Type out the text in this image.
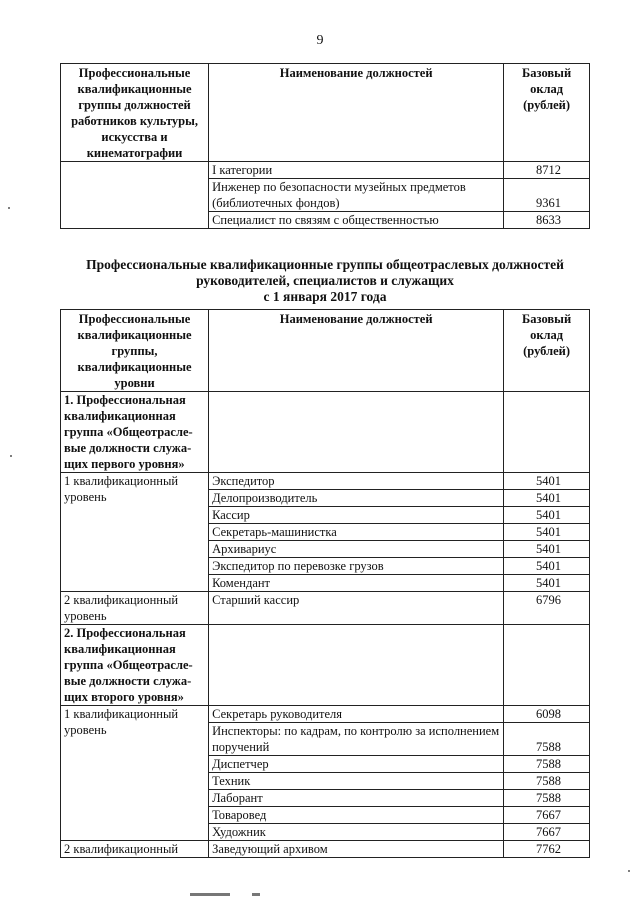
9
Профессиональные квалификационные группы должностей работников культуры, искусства и кинематографии	Наименование должностей	Базовый оклад (рублей)
	I категории	8712
	Инженер по безопасности музейных предметов (библиотечных фондов)	9361
	Специалист по связям с общественностью	8633
Профессиональные квалификационные группы общеотраслевых должностей
руководителей, специалистов и служащих
с 1 января 2017 года
Профессиональные квалификационные группы, квалификационные уровни	Наименование должностей	Базовый оклад (рублей)
1. Профессиональная квалификационная группа «Общеотрасле-вые должности служа-щих первого уровня»		
1 квалификационный уровень	Экспедитор	5401
	Делопроизводитель	5401
	Кассир	5401
	Секретарь-машинистка	5401
	Архивариус	5401
	Экспедитор по перевозке грузов	5401
	Комендант	5401
2 квалификационный уровень	Старший кассир	6796
2. Профессиональная квалификационная группа «Общеотрасле-вые должности служа-щих второго уровня»		
1 квалификационный уровень	Секретарь руководителя	6098
	Инспекторы: по кадрам, по контролю за исполнением поручений	7588
	Диспетчер	7588
	Техник	7588
	Лаборант	7588
	Товаровед	7667
	Художник	7667
2 квалификационный	Заведующий архивом	7762
